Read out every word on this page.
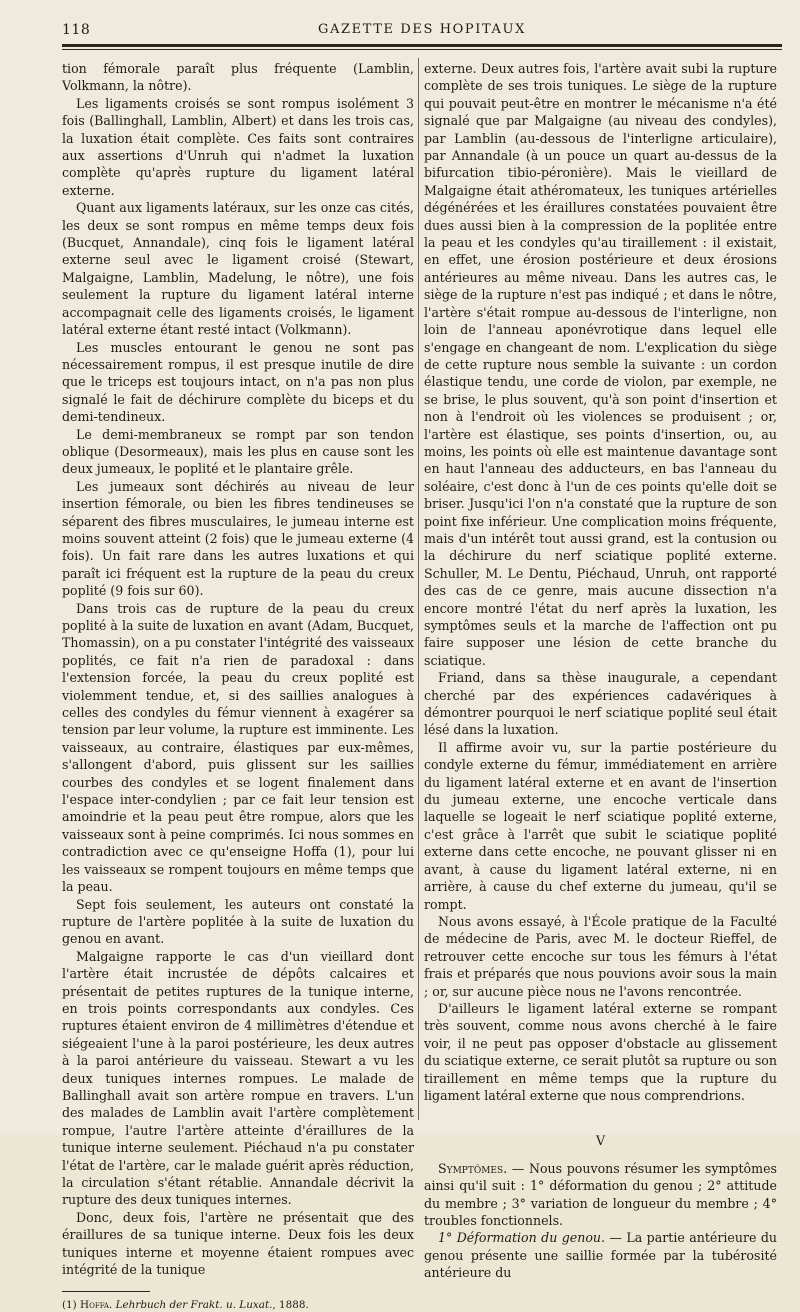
118	GAZETTE DES HOPITAUX

tion fémorale paraît plus fréquente (Lamblin, Volkmann, la nôtre).

Les ligaments croisés se sont rompus isolément 3 fois (Ballinghall, Lamblin, Albert) et dans les trois cas, la luxation était complète. Ces faits sont contraires aux assertions d'Unruh qui n'admet la luxation complète qu'après rupture du ligament latéral externe.

Quant aux ligaments latéraux, sur les onze cas cités, les deux se sont rompus en même temps deux fois (Bucquet, Annandale), cinq fois le ligament latéral externe seul avec le ligament croisé (Stewart, Malgaigne, Lamblin, Madelung, le nôtre), une fois seulement la rupture du ligament latéral interne accompagnait celle des ligaments croisés, le ligament latéral externe étant resté intact (Volkmann).

Les muscles entourant le genou ne sont pas nécessairement rompus, il est presque inutile de dire que le triceps est toujours intact, on n'a pas non plus signalé le fait de déchirure complète du biceps et du demi-tendineux.

Le demi-membraneux se rompt par son tendon oblique (Desormeaux), mais les plus en cause sont les deux jumeaux, le poplité et le plantaire grêle.

Les jumeaux sont déchirés au niveau de leur insertion fémorale, ou bien les fibres tendineuses se séparent des fibres musculaires, le jumeau interne est moins souvent atteint (2 fois) que le jumeau externe (4 fois). Un fait rare dans les autres luxations et qui paraît ici fréquent est la rupture de la peau du creux poplité (9 fois sur 60).

Dans trois cas de rupture de la peau du creux poplité à la suite de luxation en avant (Adam, Bucquet, Thomassin), on a pu constater l'intégrité des vaisseaux poplités, ce fait n'a rien de paradoxal : dans l'extension forcée, la peau du creux poplité est violemment tendue, et, si des saillies analogues à celles des condyles du fémur viennent à exagérer sa tension par leur volume, la rupture est imminente. Les vaisseaux, au contraire, élastiques par eux-mêmes, s'allongent d'abord, puis glissent sur les saillies courbes des condyles et se logent finalement dans l'espace inter-condylien ; par ce fait leur tension est amoindrie et la peau peut être rompue, alors que les vaisseaux sont à peine comprimés. Ici nous sommes en contradiction avec ce qu'enseigne Hoffa (1), pour lui les vaisseaux se rompent toujours en même temps que la peau.

Sept fois seulement, les auteurs ont constaté la rupture de l'artère poplitée à la suite de luxation du genou en avant.

Malgaigne rapporte le cas d'un vieillard dont l'artère était incrustée de dépôts calcaires et présentait de petites ruptures de la tunique interne, en trois points correspondants aux condyles. Ces ruptures étaient environ de 4 millimètres d'étendue et siégeaient l'une à la paroi postérieure, les deux autres à la paroi antérieure du vaisseau. Stewart a vu les deux tuniques internes rompues. Le malade de Ballinghall avait son artère rompue en travers. L'un des malades de Lamblin avait l'artère complètement rompue, l'autre l'artère atteinte d'éraillures de la tunique interne seulement. Piéchaud n'a pu constater l'état de l'artère, car le malade guérit après réduction, la circulation s'étant rétablie. Annandale décrivit la rupture des deux tuniques internes.

Donc, deux fois, l'artère ne présentait que des éraillures de sa tunique interne. Deux fois les deux tuniques interne et moyenne étaient rompues avec intégrité de la tunique

(1) Hoffa. Lehrbuch der Frakt. u. Luxat., 1888.

externe. Deux autres fois, l'artère avait subi la rupture complète de ses trois tuniques. Le siège de la rupture qui pouvait peut-être en montrer le mécanisme n'a été signalé que par Malgaigne (au niveau des condyles), par Lamblin (au-dessous de l'interligne articulaire), par Annandale (à un pouce un quart au-dessus de la bifurcation tibio-péronière). Mais le vieillard de Malgaigne était athéromateux, les tuniques artérielles dégénérées et les éraillures constatées pouvaient être dues aussi bien à la compression de la poplitée entre la peau et les condyles qu'au tiraillement : il existait, en effet, une érosion postérieure et deux érosions antérieures au même niveau. Dans les autres cas, le siège de la rupture n'est pas indiqué ; et dans le nôtre, l'artère s'était rompue au-dessous de l'interligne, non loin de l'anneau aponévrotique dans lequel elle s'engage en changeant de nom. L'explication du siège de cette rupture nous semble la suivante : un cordon élastique tendu, une corde de violon, par exemple, ne se brise, le plus souvent, qu'à son point d'insertion et non à l'endroit où les violences se produisent ; or, l'artère est élastique, ses points d'insertion, ou, au moins, les points où elle est maintenue davantage sont en haut l'anneau des adducteurs, en bas l'anneau du soléaire, c'est donc à l'un de ces points qu'elle doit se briser. Jusqu'ici l'on n'a constaté que la rupture de son point fixe inférieur. Une complication moins fréquente, mais d'un intérêt tout aussi grand, est la contusion ou la déchirure du nerf sciatique poplité externe. Schuller, M. Le Dentu, Piéchaud, Unruh, ont rapporté des cas de ce genre, mais aucune dissection n'a encore montré l'état du nerf après la luxation, les symptômes seuls et la marche de l'affection ont pu faire supposer une lésion de cette branche du sciatique.

Friand, dans sa thèse inaugurale, a cependant cherché par des expériences cadavériques à démontrer pourquoi le nerf sciatique poplité seul était lésé dans la luxation.

Il affirme avoir vu, sur la partie postérieure du condyle externe du fémur, immédiatement en arrière du ligament latéral externe et en avant de l'insertion du jumeau externe, une encoche verticale dans laquelle se logeait le nerf sciatique poplité externe, c'est grâce à l'arrêt que subit le sciatique poplité externe dans cette encoche, ne pouvant glisser ni en avant, à cause du ligament latéral externe, ni en arrière, à cause du chef externe du jumeau, qu'il se rompt.

Nous avons essayé, à l'École pratique de la Faculté de médecine de Paris, avec M. le docteur Rieffel, de retrouver cette encoche sur tous les fémurs à l'état frais et préparés que nous pouvions avoir sous la main ; or, sur aucune pièce nous ne l'avons rencontrée.

D'ailleurs le ligament latéral externe se rompant très souvent, comme nous avons cherché à le faire voir, il ne peut pas opposer d'obstacle au glissement du sciatique externe, ce serait plutôt sa rupture ou son tiraillement en même temps que la rupture du ligament latéral externe que nous comprendrions.

V

Symptômes. — Nous pouvons résumer les symptômes ainsi qu'il suit : 1° déformation du genou ; 2° attitude du membre ; 3° variation de longueur du membre ; 4° troubles fonctionnels.

1° Déformation du genou. — La partie antérieure du genou présente une saillie formée par la tubérosité antérieure du
